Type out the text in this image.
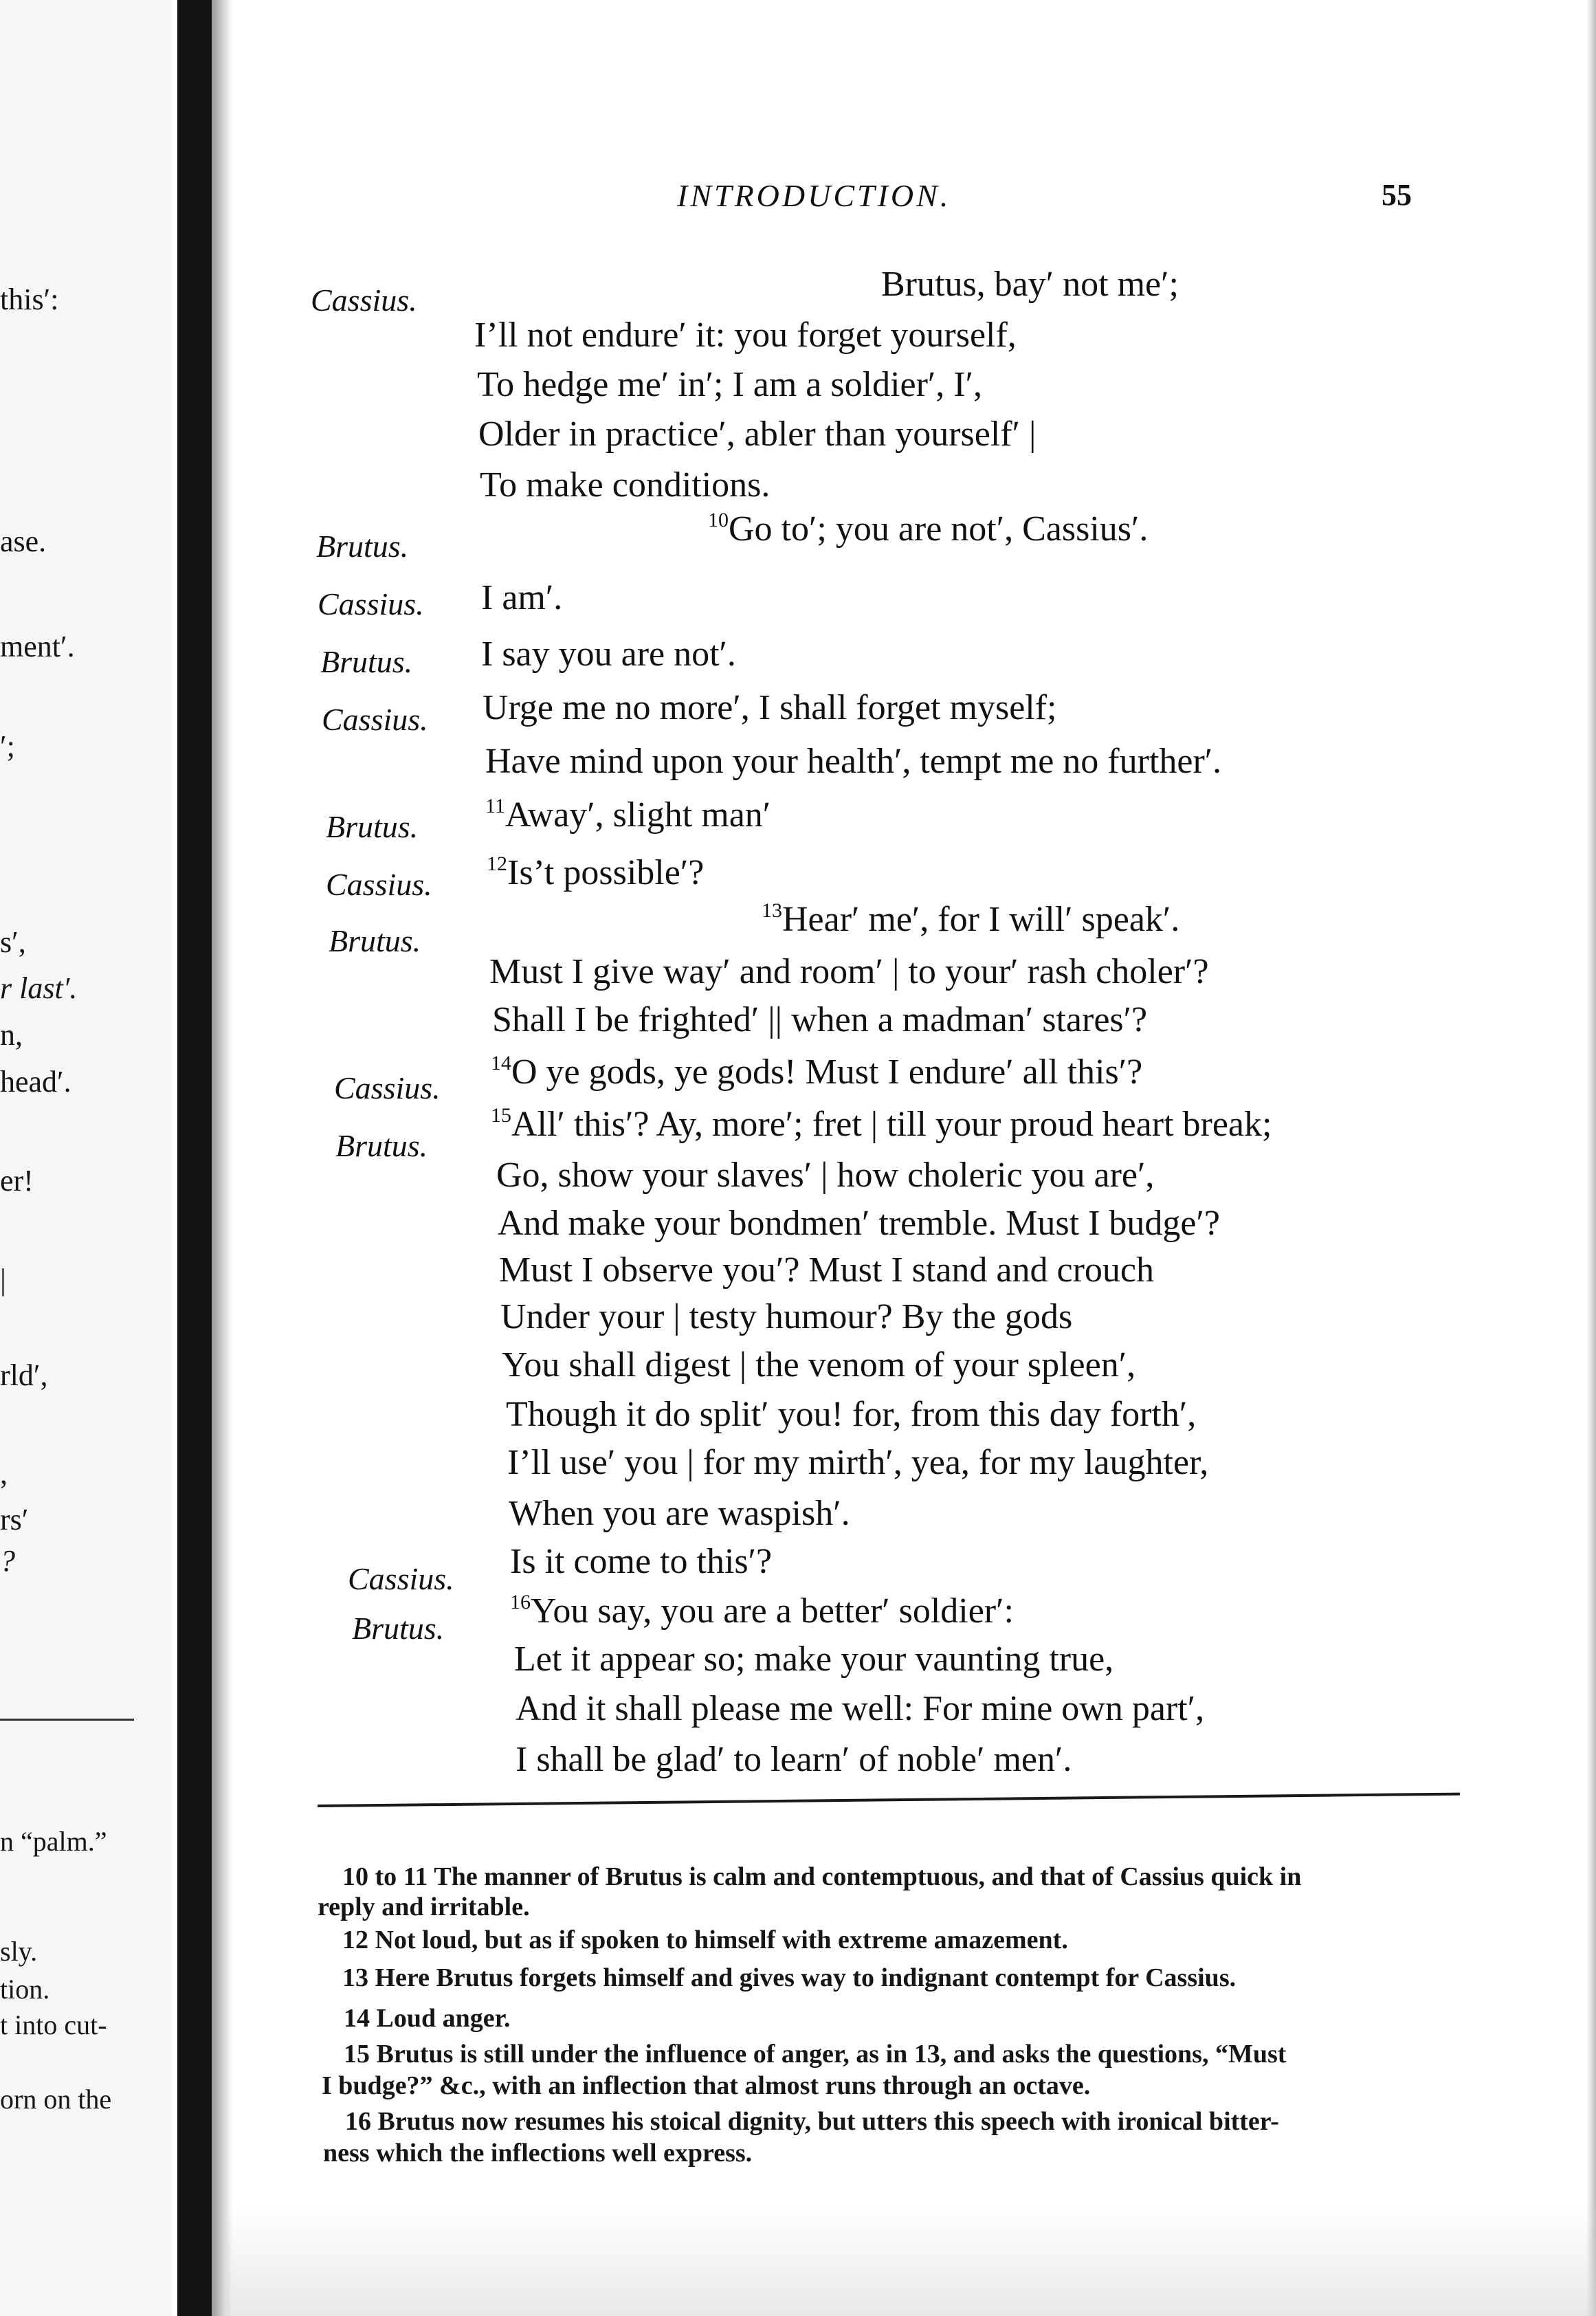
this′:
ase.
ment′.
′;
s′,
r last′.
n,
head′.
er!
|
rld′,
,
rs′
?
n “palm.”
sly.
tion.
t into cut-
orn on the
INTRODUCTION.	55
Cassius.
Brutus.
Cassius.
Brutus.
Cassius.
Brutus.
Cassius.
Brutus.
Cassius.
Brutus.
Cassius.
Brutus.
Brutus, bay′ not me′;
I’ll not endure′ it: you forget yourself,
To hedge me′ in′; I am a soldier′, I′,
Older in practice′, abler than yourself′ |
To make conditions.
$^{10}$Go to′; you are not′, Cassius′.
I am′.
I say you are not′.
Urge me no more′, I shall forget myself;
Have mind upon your health′, tempt me no further′.
$^{11}$Away′, slight man′
$^{12}$Is’t possible′?
$^{13}$Hear′ me′, for I will′ speak′.
Must I give way′ and room′ | to your′ rash choler′?
Shall I be frighted′ || when a madman′ stares′?
$^{14}$O ye gods, ye gods! Must I endure′ all this′?
$^{15}$All′ this′? Ay, more′; fret | till your proud heart break;
Go, show your slaves′ | how choleric you are′,
And make your bondmen′ tremble. Must I budge′?
Must I observe you′? Must I stand and crouch
Under your | testy humour? By the gods
You shall digest | the venom of your spleen′,
Though it do split′ you! for, from this day forth′,
I’ll use′ you | for my mirth′, yea, for my laughter,
When you are waspish′.
Is it come to this′?
$^{16}$You say, you are a better′ soldier′:
Let it appear so; make your vaunting true,
And it shall please me well: For mine own part′,
I shall be glad′ to learn′ of noble′ men′.
10 to 11 The manner of Brutus is calm and contemptuous, and that of Cassius quick in
reply and irritable.
12 Not loud, but as if spoken to himself with extreme amazement.
13 Here Brutus forgets himself and gives way to indignant contempt for Cassius.
14 Loud anger.
15 Brutus is still under the influence of anger, as in 13, and asks the questions, “Must
I budge?” &c., with an inflection that almost runs through an octave.
16 Brutus now resumes his stoical dignity, but utters this speech with ironical bitter-
ness which the inflections well express.
